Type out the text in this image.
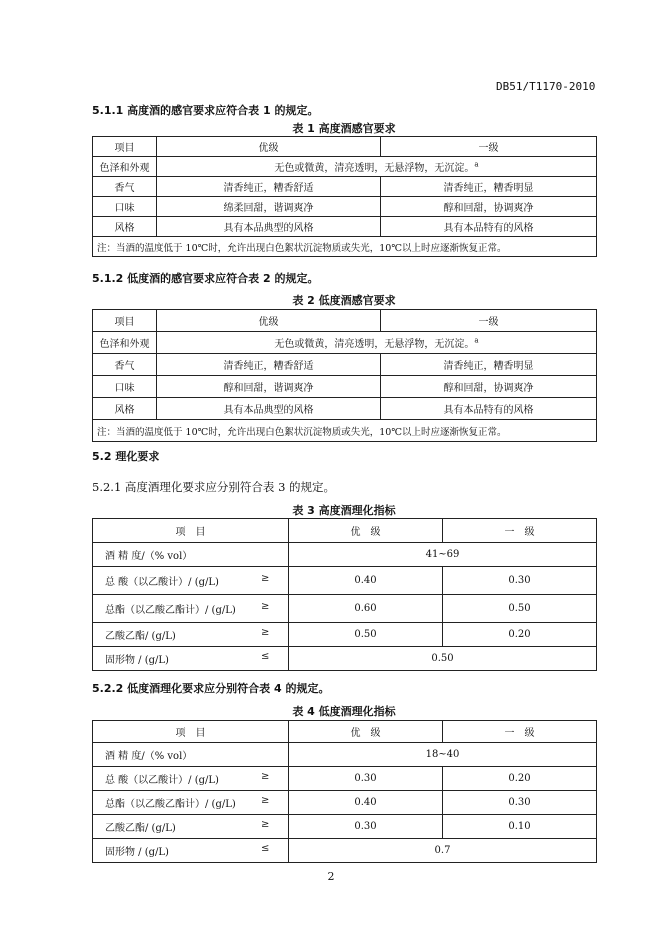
DB51/T1170-2010
5.1.1 高度酒的感官要求应符合表 1 的规定。
表 1 高度酒感官要求
项目	优级	一级
色泽和外观	无色或微黄，清亮透明，无悬浮物，无沉淀。$^a$
香气	清香纯正，糟香舒适	清香纯正，糟香明显
口味	绵柔回甜，谐调爽净	醇和回甜，协调爽净
风格	具有本品典型的风格	具有本品特有的风格
注：当酒的温度低于 10℃时，允许出现白色絮状沉淀物质或失光，10℃以上时应逐渐恢复正常。		
5.1.2 低度酒的感官要求应符合表 2 的规定。
表 2 低度酒感官要求
项目	优级	一级
色泽和外观	无色或微黄，清亮透明，无悬浮物，无沉淀。$^a$
香气	清香纯正，糟香舒适	清香纯正，糟香明显
口味	醇和回甜，谐调爽净	醇和回甜，协调爽净
风格	具有本品典型的风格	具有本品特有的风格
注：当酒的温度低于 10℃时，允许出现白色絮状沉淀物质或失光，10℃以上时应逐渐恢复正常。		
5.2 理化要求
5.2.1 高度酒理化要求应分别符合表 3 的规定。
表 3 高度酒理化指标
项　目	优　级	一　级

酒 精 度/（% vol）	41~69	

总 酸（以乙酸计）/ (g/L) ≥	0.40	0.30

总酯（以乙酸乙酯计）/ (g/L) ≥	0.60	0.50

乙酸乙酯/ (g/L) ≥	0.50	0.20

固形物 / (g/L) ≤	0.50	
5.2.2 低度酒理化要求应分别符合表 4 的规定。
表 4 低度酒理化指标
项　目	优　级	一　级

酒 精 度/（% vol）	18~40	

总 酸（以乙酸计）/ (g/L) ≥	0.30	0.20

总酯（以乙酸乙酯计）/ (g/L) ≥	0.40	0.30

乙酸乙酯/ (g/L) ≥	0.30	0.10

固形物 / (g/L) ≤	0.7	
2
